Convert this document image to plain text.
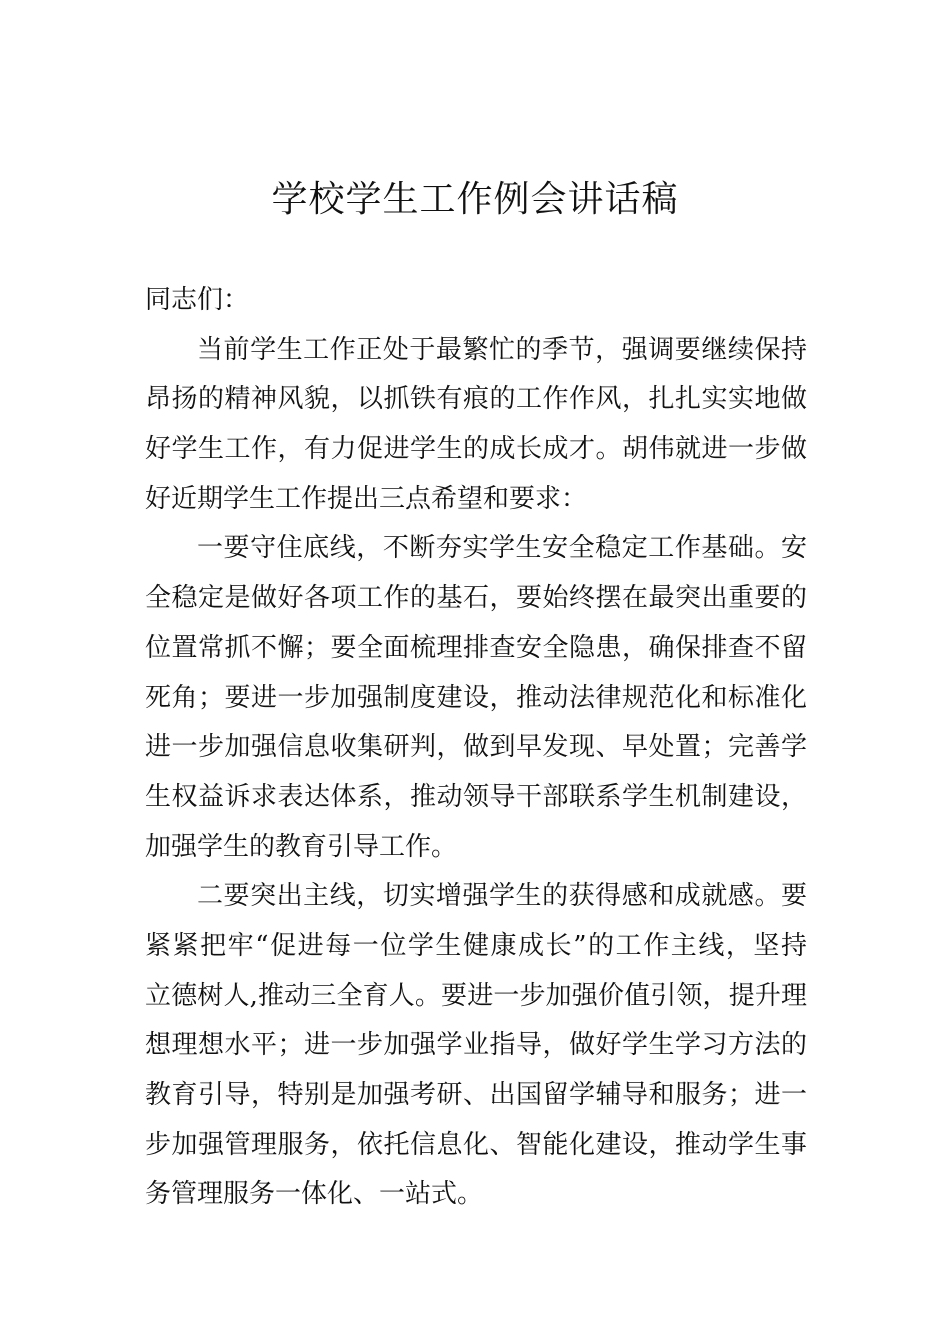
学校学生工作例会讲话稿
同志们：
当前学生工作正处于最繁忙的季节，强调要继续保持
昂扬的精神风貌，以抓铁有痕的工作作风，扎扎实实地做
好学生工作，有力促进学生的成长成才。胡伟就进一步做
好近期学生工作提出三点希望和要求：
一要守住底线，不断夯实学生安全稳定工作基础。安
全稳定是做好各项工作的基石，要始终摆在最突出重要的
位置常抓不懈；要全面梳理排查安全隐患，确保排查不留
死角；要进一步加强制度建设，推动法律规范化和标准化
进一步加强信息收集研判，做到早发现、早处置；完善学
生权益诉求表达体系，推动领导干部联系学生机制建设，
加强学生的教育引导工作。
二要突出主线，切实增强学生的获得感和成就感。要
紧紧把牢“促进每一位学生健康成长”的工作主线，坚持
立德树人,推动三全育人。要进一步加强价值引领，提升理
想理想水平；进一步加强学业指导，做好学生学习方法的
教育引导，特别是加强考研、出国留学辅导和服务；进一
步加强管理服务，依托信息化、智能化建设，推动学生事
务管理服务一体化、一站式。
